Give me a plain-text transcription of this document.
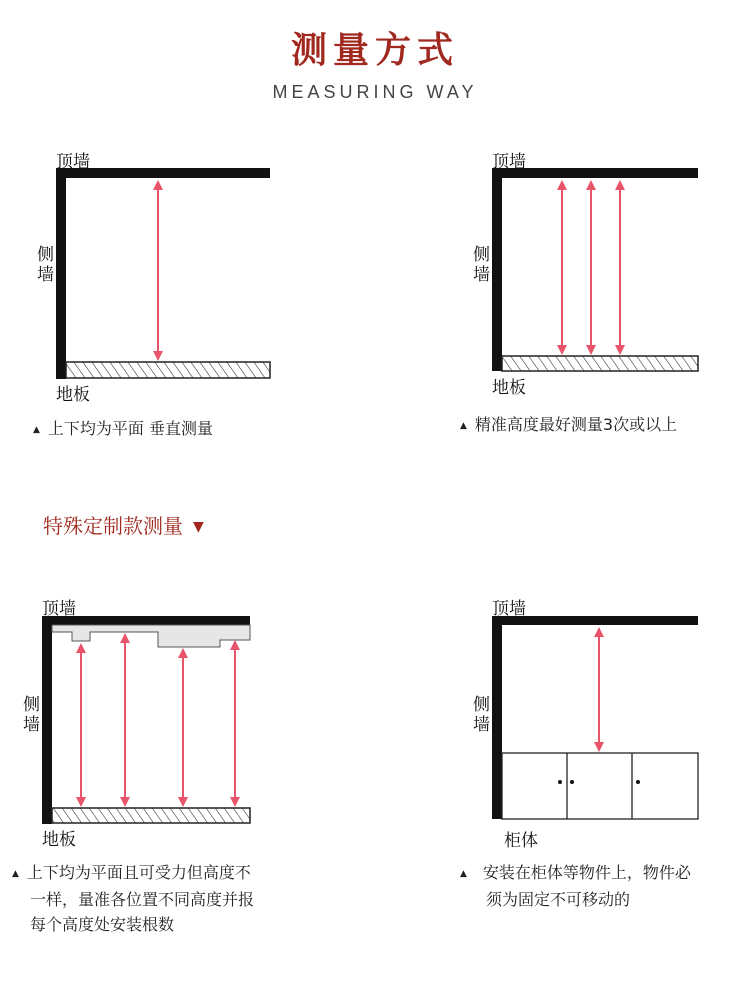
测量方式
MEASURING WAY
顶墙
侧墙
地板
▲ 上下均为平面 垂直测量
顶墙
侧墙
地板
▲ 精准高度最好测量3次或以上
特殊定制款测量 ▼
顶墙
侧墙
地板
▲ 上下均为平面且可受力但高度不
一样，量准各位置不同高度并报
每个高度处安装根数
顶墙
侧墙
柜体
▲ 安装在柜体等物件上，物件必
须为固定不可移动的
